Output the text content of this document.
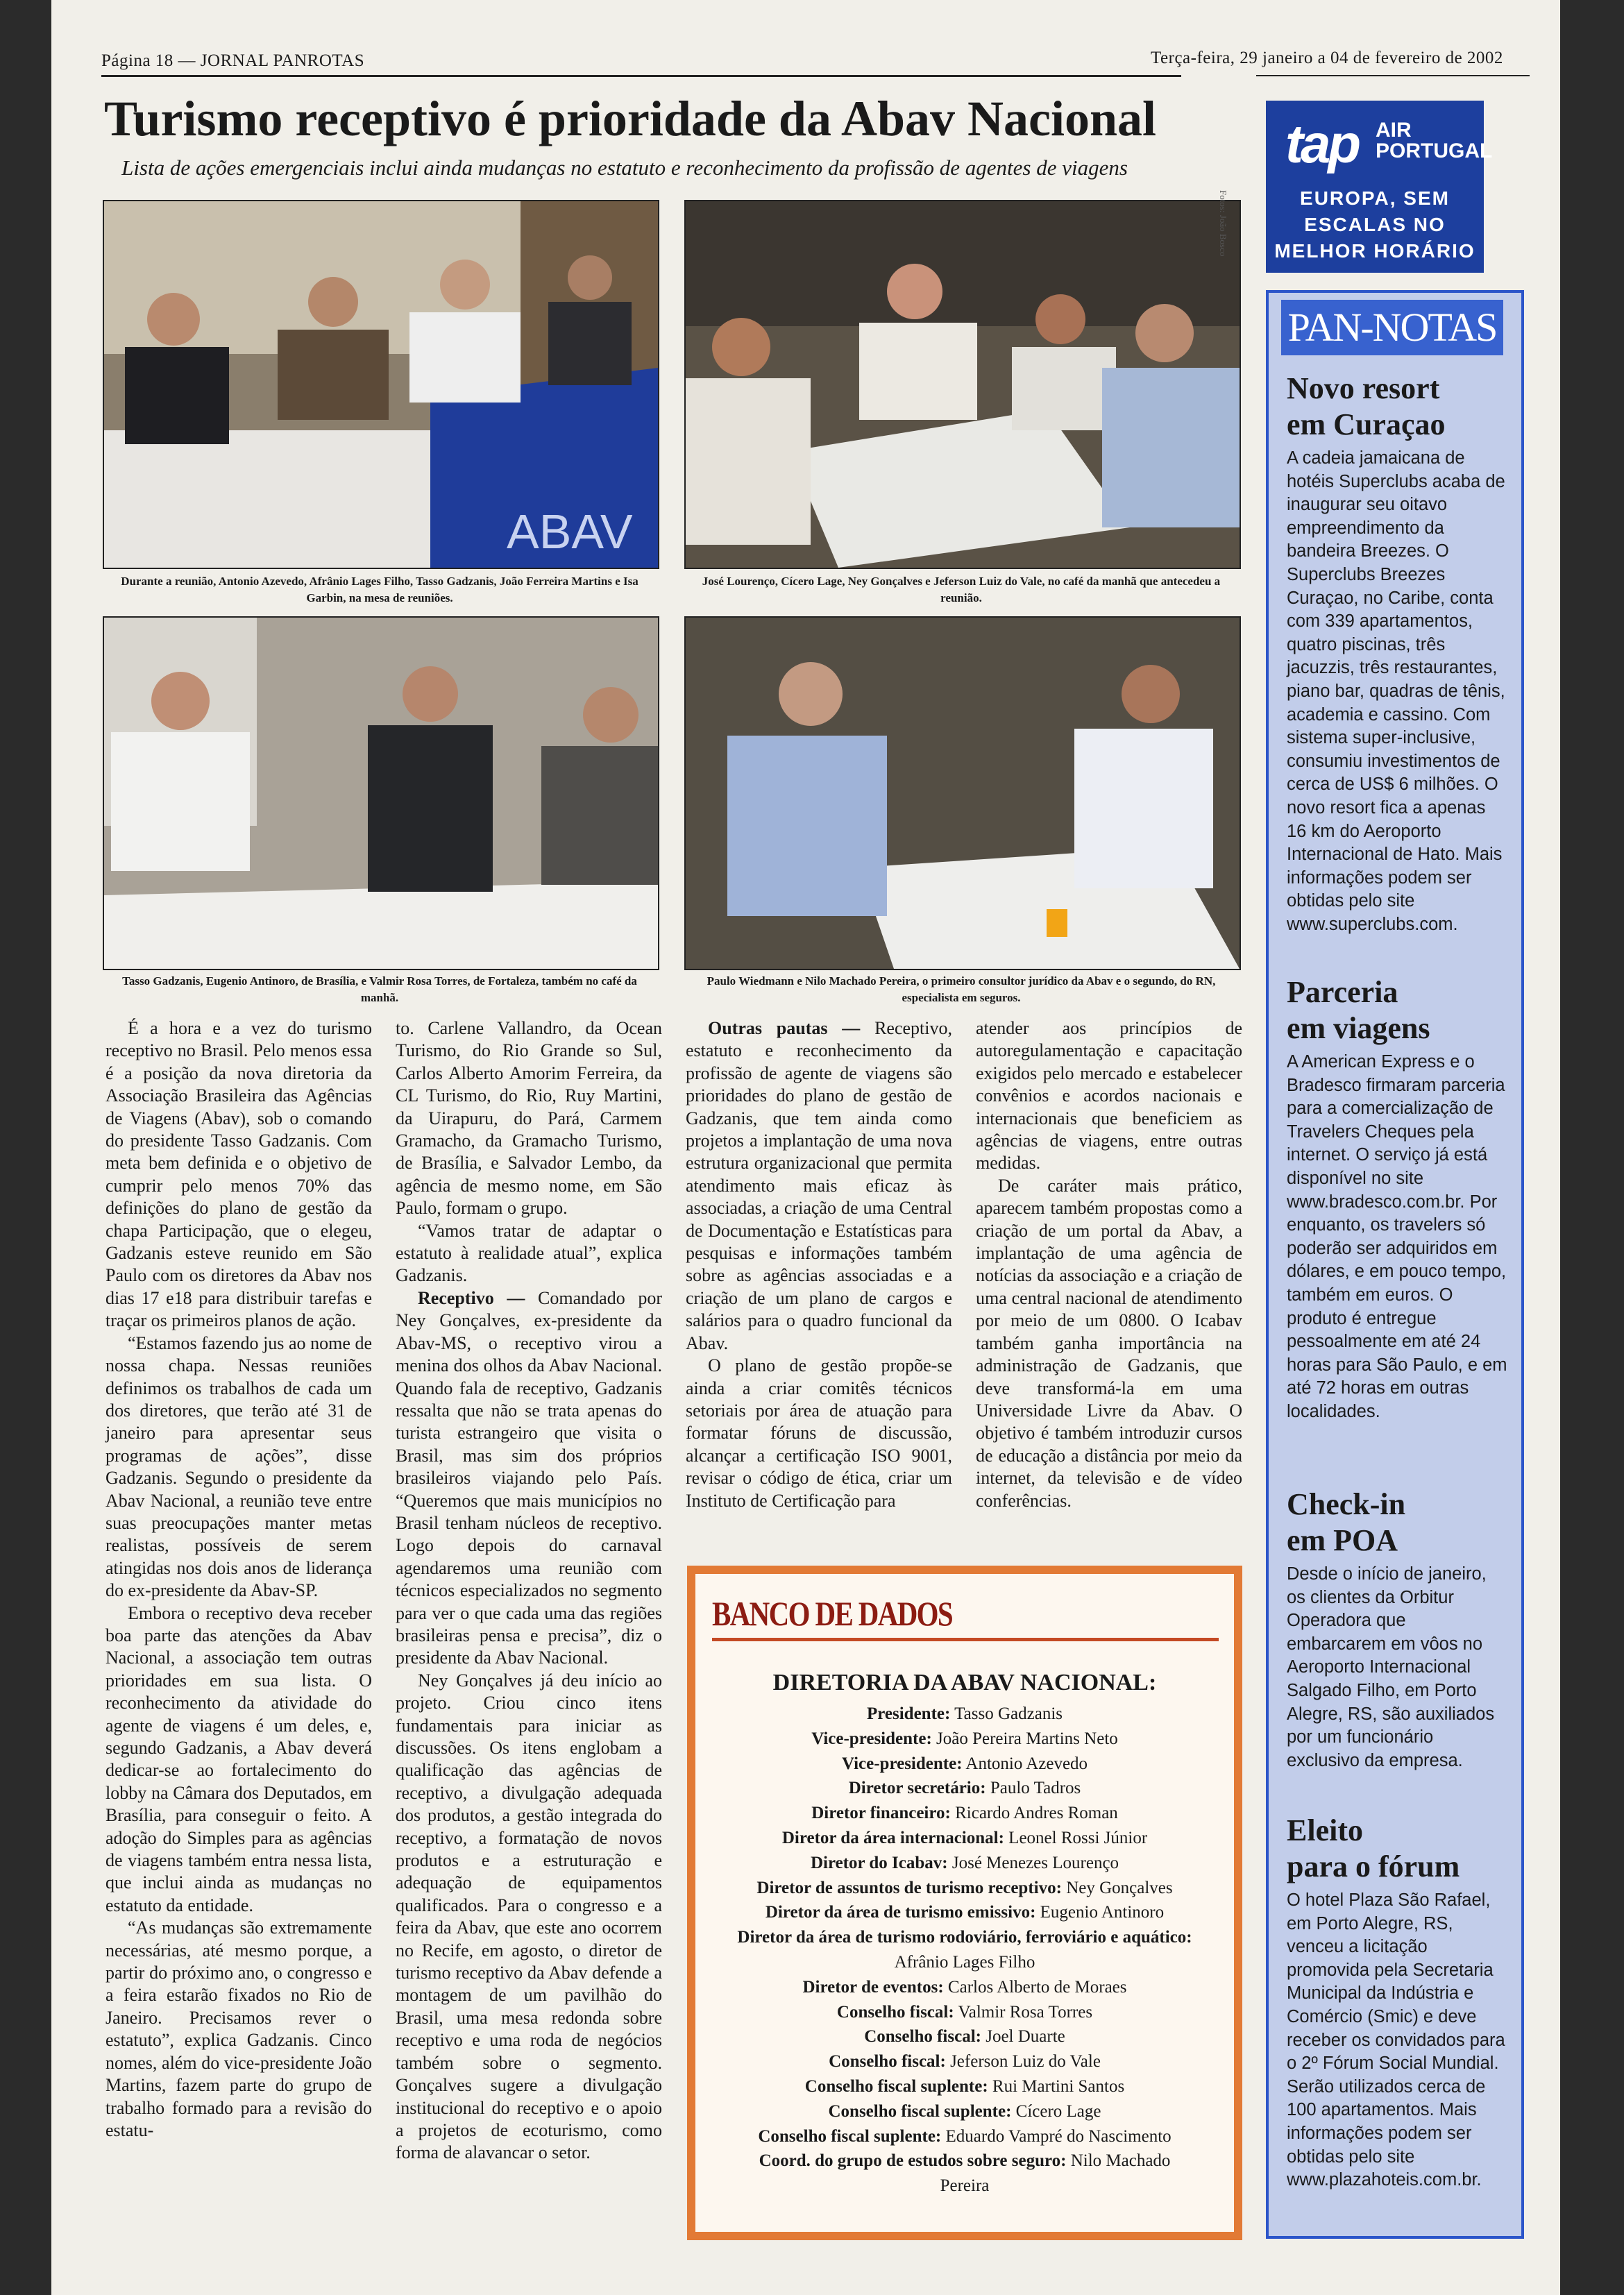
Página 18 — JORNAL PANROTAS	Terça-feira, 29 janeiro a 04 de fevereiro de 2002
Turismo receptivo é prioridade da Abav Nacional
Lista de ações emergenciais inclui ainda mudanças no estatuto e reconhecimento da profissão de agentes de viagens
ABAV
Durante a reunião, Antonio Azevedo, Afrânio Lages Filho, Tasso Gadzanis, João Ferreira Martins e Isa Garbin, na mesa de reuniões.
José Lourenço, Cícero Lage, Ney Gonçalves e Jeferson Luiz do Vale, no café da manhã que antecedeu a reunião.
Fotos: João Bosco
Tasso Gadzanis, Eugenio Antinoro, de Brasília, e Valmir Rosa Torres, de Fortaleza, também no café da manhã.
Paulo Wiedmann e Nilo Machado Pereira, o primeiro consultor jurídico da Abav e o segundo, do RN, especialista em seguros.

É a hora e a vez do turismo receptivo no Brasil. Pelo menos essa é a posição da nova diretoria da Associação Brasileira das Agências de Viagens (Abav), sob o comando do presidente Tasso Gadzanis. Com meta bem definida e o objetivo de cumprir pelo menos 70% das definições do plano de gestão da chapa Participação, que o elegeu, Gadzanis esteve reunido em São Paulo com os diretores da Abav nos dias 17 e18 para distribuir tarefas e traçar os primeiros planos de ação.

“Estamos fazendo jus ao nome de nossa chapa. Nessas reuniões definimos os trabalhos de cada um dos diretores, que terão até 31 de janeiro para apresentar seus programas de ações”, disse Gadzanis. Segundo o presidente da Abav Nacional, a reunião teve entre suas preocupações manter metas realistas, possíveis de serem atingidas nos dois anos de liderança do ex-presidente da Abav-SP.

Embora o receptivo deva receber boa parte das atenções da Abav Nacional, a associação tem outras prioridades em sua lista. O reconhecimento da atividade do agente de viagens é um deles, e, segundo Gadzanis, a Abav deverá dedicar-se ao fortalecimento do lobby na Câmara dos Deputados, em Brasília, para conseguir o feito. A adoção do Simples para as agências de viagens também entra nessa lista, que inclui ainda as mudanças no estatuto da entidade.

“As mudanças são extremamente necessárias, até mesmo porque, a partir do próximo ano, o congresso e a feira estarão fixados no Rio de Janeiro. Precisamos rever o estatuto”, explica Gadzanis. Cinco nomes, além do vice-presidente João Martins, fazem parte do grupo de trabalho formado para a revisão do estatu-

to. Carlene Vallandro, da Ocean Turismo, do Rio Grande so Sul, Carlos Alberto Amorim Ferreira, da CL Turismo, do Rio, Ruy Martini, da Uirapuru, do Pará, Carmem Gramacho, da Gramacho Turismo, de Brasília, e Salvador Lembo, da agência de mesmo nome, em São Paulo, formam o grupo.

“Vamos tratar de adaptar o estatuto à realidade atual”, explica Gadzanis.

Receptivo — Comandado por Ney Gonçalves, ex-presidente da Abav-MS, o receptivo virou a menina dos olhos da Abav Nacional. Quando fala de receptivo, Gadzanis ressalta que não se trata apenas do turista estrangeiro que visita o Brasil, mas sim dos próprios brasileiros viajando pelo País. “Queremos que mais municípios no Brasil tenham núcleos de receptivo. Logo depois do carnaval agendaremos uma reunião com técnicos especializados no segmento para ver o que cada uma das regiões brasileiras pensa e precisa”, diz o presidente da Abav Nacional.

Ney Gonçalves já deu início ao projeto. Criou cinco itens fundamentais para iniciar as discussões. Os itens englobam a qualificação das agências de receptivo, a divulgação adequada dos produtos, a gestão integrada do receptivo, a formatação de novos produtos e a estruturação e adequação de equipamentos qualificados. Para o congresso e a feira da Abav, que este ano ocorrem no Recife, em agosto, o diretor de turismo receptivo da Abav defende a montagem de um pavilhão do Brasil, uma mesa redonda sobre receptivo e uma roda de negócios também sobre o segmento. Gonçalves sugere a divulgação institucional do receptivo e o apoio a projetos de ecoturismo, como forma de alavancar o setor.

Outras pautas — Receptivo, estatuto e reconhecimento da profissão de agente de viagens são prioridades do plano de gestão de Gadzanis, que tem ainda como projetos a implantação de uma nova estrutura organizacional que permita atendimento mais eficaz às associadas, a criação de uma Central de Documentação e Estatísticas para pesquisas e informações também sobre as agências associadas e a criação de um plano de cargos e salários para o quadro funcional da Abav.

O plano de gestão propõe-se ainda a criar comitês técnicos setoriais por área de atuação para formatar fóruns de discussão, alcançar a certificação ISO 9001, revisar o código de ética, criar um Instituto de Certificação para

atender aos princípios de autoregulamentação e capacitação exigidos pelo mercado e estabelecer convênios e acordos nacionais e internacionais que beneficiem as agências de viagens, entre outras medidas.

De caráter mais prático, aparecem também propostas como a criação de um portal da Abav, a implantação de uma agência de notícias da associação e a criação de uma central nacional de atendimento por meio de um 0800. O Icabav também ganha importância na administração de Gadzanis, que deve transformá-la em uma Universidade Livre da Abav. O objetivo é também introduzir cursos de educação a distância por meio da internet, da televisão e de vídeo conferências.

BANCO DE DADOS
DIRETORIA DA ABAV NACIONAL:
Presidente: Tasso Gadzanis
Vice-presidente: João Pereira Martins Neto
Vice-presidente: Antonio Azevedo
Diretor secretário: Paulo Tadros
Diretor financeiro: Ricardo Andres Roman
Diretor da área internacional: Leonel Rossi Júnior
Diretor do Icabav: José Menezes Lourenço
Diretor de assuntos de turismo receptivo: Ney Gonçalves
Diretor da área de turismo emissivo: Eugenio Antinoro
Diretor da área de turismo rodoviário, ferroviário e aquático:
Afrânio Lages Filho
Diretor de eventos: Carlos Alberto de Moraes
Conselho fiscal: Valmir Rosa Torres
Conselho fiscal: Joel Duarte
Conselho fiscal: Jeferson Luiz do Vale
Conselho fiscal suplente: Rui Martini Santos
Conselho fiscal suplente: Cícero Lage
Conselho fiscal suplente: Eduardo Vampré do Nascimento
Coord. do grupo de estudos sobre seguro: Nilo Machado
Pereira
tap AIR
PORTUGAL
EUROPA, SEM
ESCALAS NO
MELHOR HORÁRIO
PAN-NOTAS
Novo resort
em Curaçao
A cadeia jamaicana de hotéis Superclubs acaba de inaugurar seu oitavo empreendimento da bandeira Breezes. O Superclubs Breezes Curaçao, no Caribe, conta com 339 apartamentos, quatro piscinas, três jacuzzis, três restaurantes, piano bar, quadras de tênis, academia e cassino. Com sistema super-inclusive, consumiu investimentos de cerca de US$ 6 milhões. O novo resort fica a apenas 16 km do Aeroporto Internacional de Hato. Mais informações podem ser obtidas pelo site www.superclubs.com.
Parceria
em viagens
A American Express e o Bradesco firmaram parceria para a comercialização de Travelers Cheques pela internet. O serviço já está disponível no site www.bradesco.com.br. Por enquanto, os travelers só poderão ser adquiridos em dólares, e em pouco tempo, também em euros. O produto é entregue pessoalmente em até 24 horas para São Paulo, e em até 72 horas em outras localidades.
Check-in
em POA
Desde o início de janeiro, os clientes da Orbitur Operadora que embarcarem em vôos no Aeroporto Internacional Salgado Filho, em Porto Alegre, RS, são auxiliados por um funcionário exclusivo da empresa.
Eleito
para o fórum
O hotel Plaza São Rafael, em Porto Alegre, RS, venceu a licitação promovida pela Secretaria Municipal da Indústria e Comércio (Smic) e deve receber os convidados para o 2º Fórum Social Mundial. Serão utilizados cerca de 100 apartamentos. Mais informações podem ser obtidas pelo site www.plazahoteis.com.br.
